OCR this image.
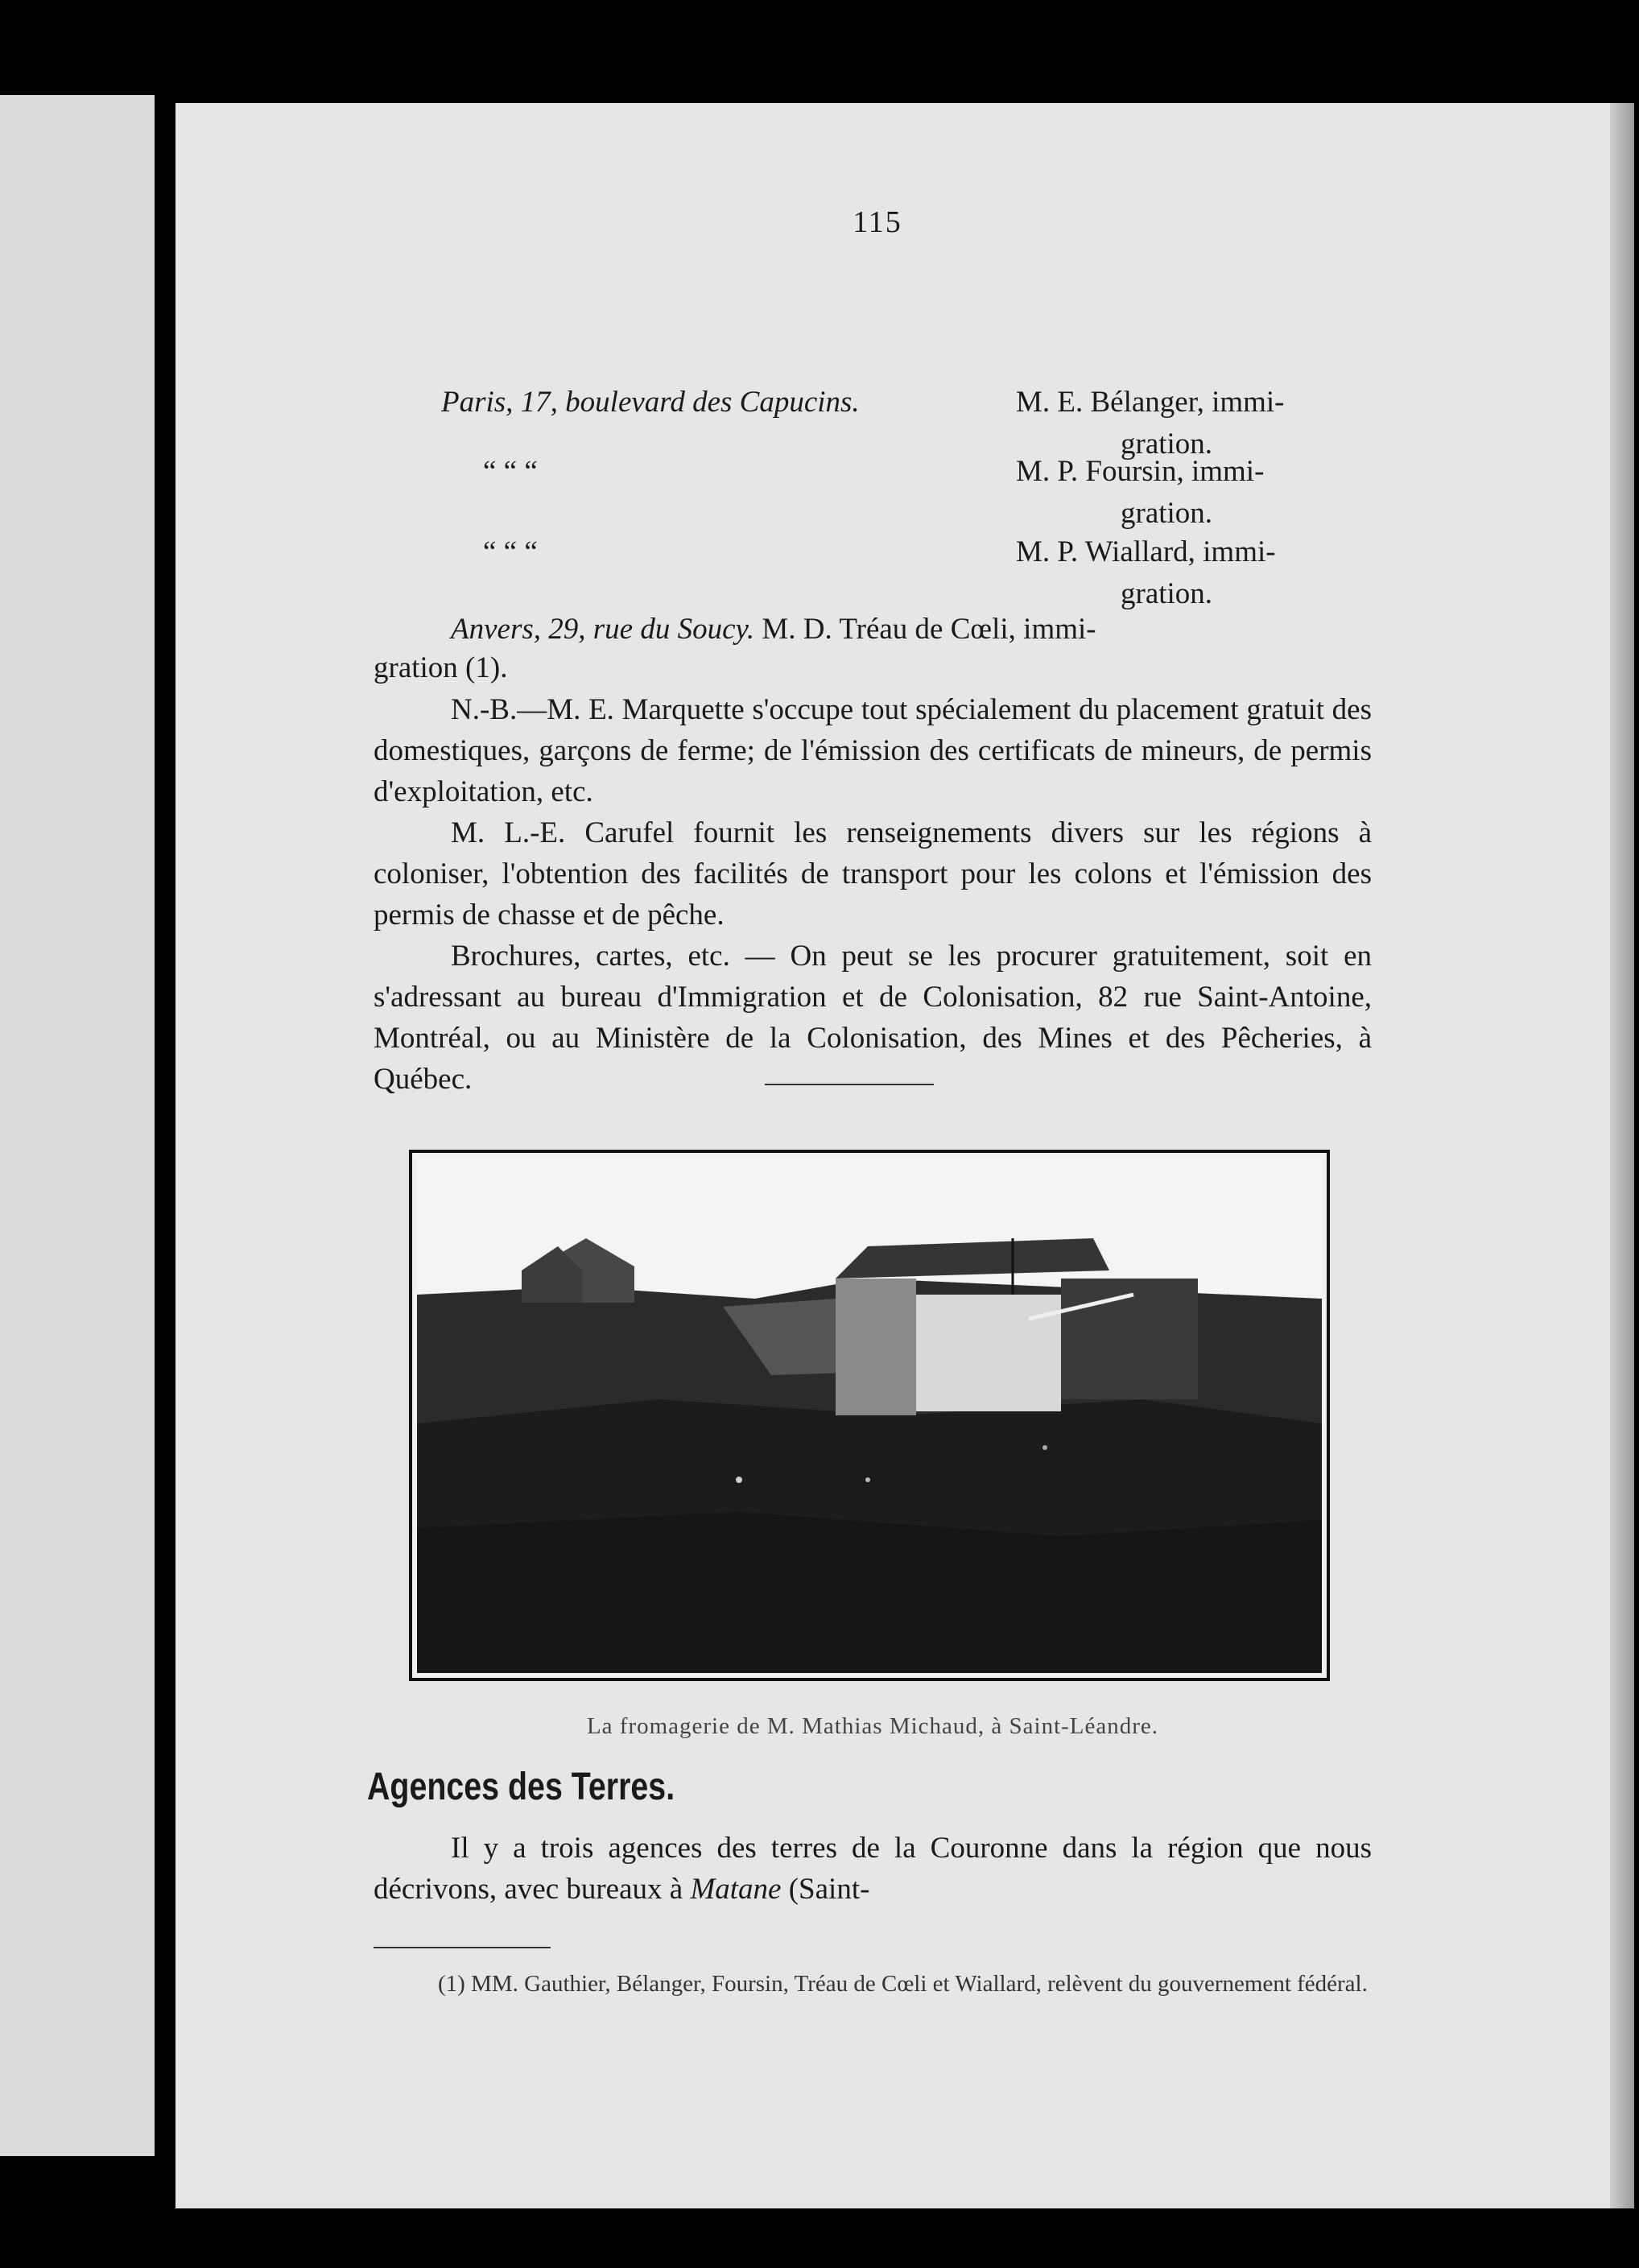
115
Paris, 17, boulevard des Capucins.	M. E. Bélanger, immi-
gration.
“ “ “	M. P. Foursin, immi-
gration.
“ “ “	M. P. Wiallard, immi-
gration.
Anvers, 29, rue du Soucy. M. D. Tréau de Cœli, immi-
gration (1).

N.-B.—M. E. Marquette s'occupe tout spécialement du placement gratuit des domestiques, garçons de ferme; de l'émission des certificats de mineurs, de permis d'exploitation, etc.

M. L.-E. Carufel fournit les renseignements divers sur les régions à coloniser, l'obtention des facilités de transport pour les colons et l'émission des permis de chasse et de pêche.

Brochures, cartes, etc. — On peut se les procurer gratuitement, soit en s'adressant au bureau d'Immigration et de Colonisation, 82 rue Saint-Antoine, Montréal, ou au Ministère de la Colonisation, des Mines et des Pêcheries, à Québec.

La fromagerie de M. Mathias Michaud, à Saint-Léandre.
Agences des Terres.

Il y a trois agences des terres de la Couronne dans la région que nous décrivons, avec bureaux à Matane (Saint-

(1) MM. Gauthier, Bélanger, Foursin, Tréau de Cœli et Wiallard, relèvent du gouvernement fédéral.
